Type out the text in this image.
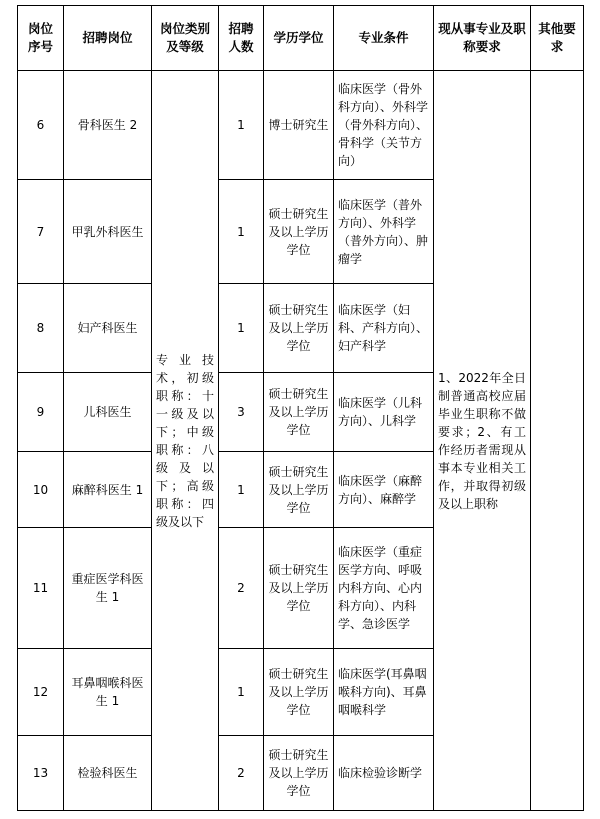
岗位序号	招聘岗位	岗位类别及等级	招聘人数	学历学位	专业条件	现从事专业及职称要求	其他要求
6	骨科医生 2	专业技术，初级职称：十一级及以下；中级职称：八级及以下；高级职称：四级及以下	1	博士研究生	临床医学（骨外科方向）、外科学（骨外科方向）、骨科学（关节方向）	1、2022年全日制普通高校应届毕业生职称不做要求；2、有工作经历者需现从事本专业相关工作，并取得初级及以上职称	
7	甲乳外科医生		1	硕士研究生及以上学历学位	临床医学（普外方向）、外科学（普外方向）、肿瘤学		
8	妇产科医生		1	硕士研究生及以上学历学位	临床医学（妇科、产科方向）、妇产科学		
9	儿科医生		3	硕士研究生及以上学历学位	临床医学（儿科方向）、儿科学		
10	麻醉科医生 1		1	硕士研究生及以上学历学位	临床医学（麻醉方向）、麻醉学		
11	重症医学科医生 1		2	硕士研究生及以上学历学位	临床医学（重症医学方向、呼吸内科方向、心内科方向）、内科学、急诊医学		
12	耳鼻咽喉科医生 1		1	硕士研究生及以上学历学位	临床医学(耳鼻咽喉科方向)、耳鼻咽喉科学		
13	检验科医生		2	硕士研究生及以上学历学位	临床检验诊断学		
